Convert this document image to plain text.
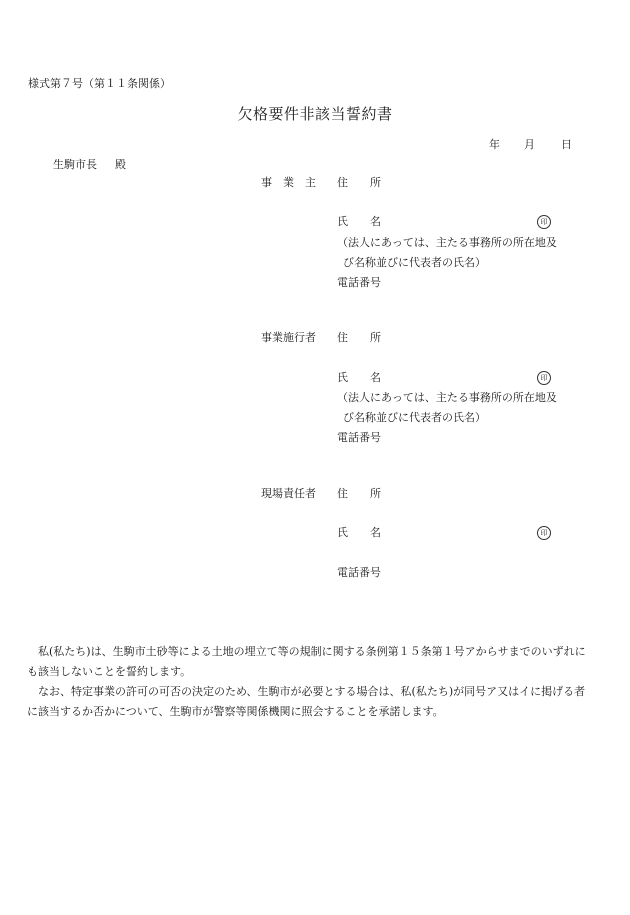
様式第７号（第１１条関係）
欠格要件非該当誓約書
年 月 日
生駒市長 殿
事　業　主 住　　所
氏　　名	印
（法人にあっては、主たる事務所の所在地及
び名称並びに代表者の氏名）
電話番号
事業施行者 住　　所
氏　　名	印
（法人にあっては、主たる事務所の所在地及
び名称並びに代表者の氏名）
電話番号
現場責任者 住　　所
氏　　名	印
電話番号

私(私たち)は、生駒市土砂等による土地の埋立て等の規制に関する条例第１５条第１号アからサまでのいずれにも該当しないことを誓約します。

なお、特定事業の許可の可否の決定のため、生駒市が必要とする場合は、私(私たち)が同号ア又はイに掲げる者に該当するか否かについて、生駒市が警察等関係機関に照会することを承諾します。
